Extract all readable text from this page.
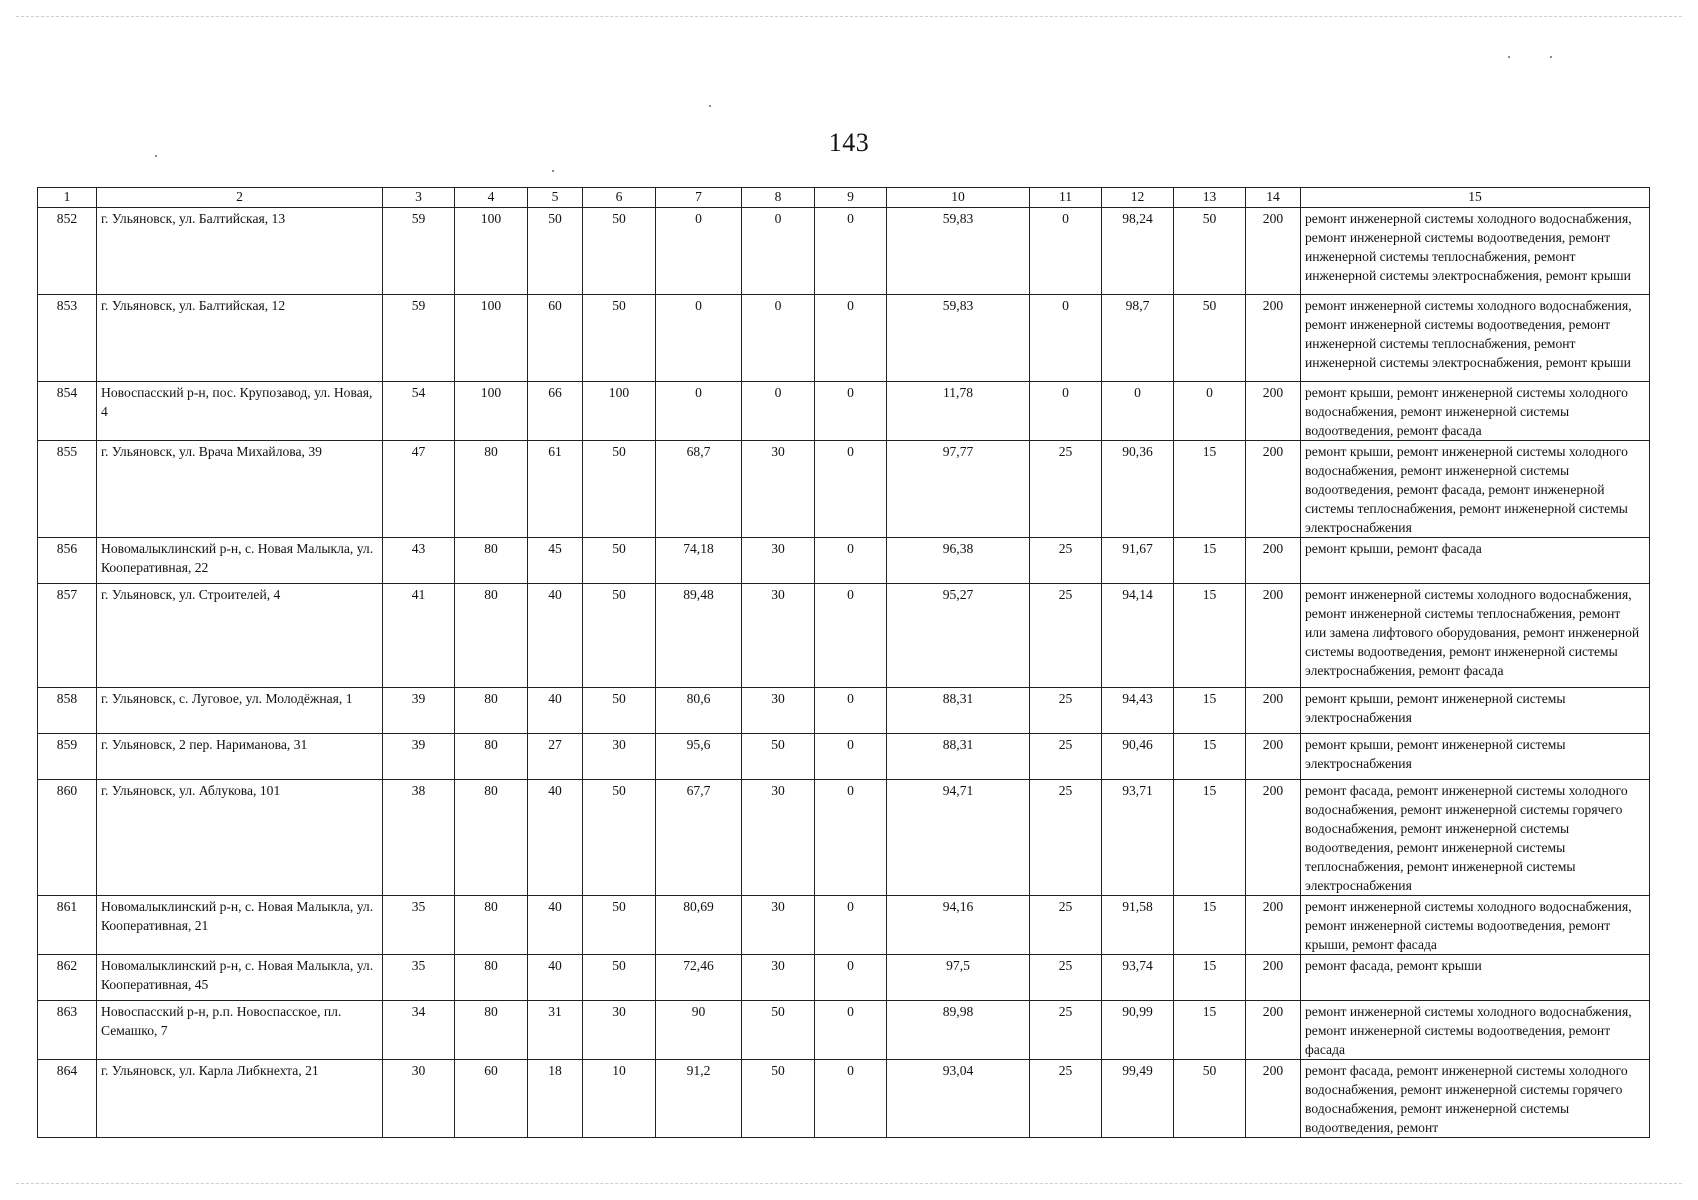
143
1	2	3	4	5	6	7	8	9	10	11	12	13	14	15
852	г. Ульяновск, ул. Балтийская, 13	59	100	50	50	0	0	0	59,83	0	98,24	50	200	ремонт инженерной системы холодного водоснабжения, ремонт инженерной системы водоотведения, ремонт инженерной системы теплоснабжения, ремонт инженерной системы электроснабжения, ремонт крыши
853	г. Ульяновск, ул. Балтийская, 12	59	100	60	50	0	0	0	59,83	0	98,7	50	200	ремонт инженерной системы холодного водоснабжения, ремонт инженерной системы водоотведения, ремонт инженерной системы теплоснабжения, ремонт инженерной системы электроснабжения, ремонт крыши
854	Новоспасский р-н, пос. Крупозавод, ул. Новая, 4	54	100	66	100	0	0	0	11,78	0	0	0	200	ремонт крыши, ремонт инженерной системы холодного водоснабжения, ремонт инженерной системы водоотведения, ремонт фасада
855	г. Ульяновск, ул. Врача Михайлова, 39	47	80	61	50	68,7	30	0	97,77	25	90,36	15	200	ремонт крыши, ремонт инженерной системы холодного водоснабжения, ремонт инженерной системы водоотведения, ремонт фасада, ремонт инженерной системы теплоснабжения, ремонт инженерной системы электроснабжения
856	Новомалыклинский р-н, с. Новая Малыкла, ул. Кооперативная, 22	43	80	45	50	74,18	30	0	96,38	25	91,67	15	200	ремонт крыши, ремонт фасада
857	г. Ульяновск, ул. Строителей, 4	41	80	40	50	89,48	30	0	95,27	25	94,14	15	200	ремонт инженерной системы холодного водоснабжения, ремонт инженерной системы теплоснабжения, ремонт или замена лифтового оборудования, ремонт инженерной системы водоотведения, ремонт инженерной системы электроснабжения, ремонт фасада
858	г. Ульяновск, с. Луговое, ул. Молодёжная, 1	39	80	40	50	80,6	30	0	88,31	25	94,43	15	200	ремонт крыши, ремонт инженерной системы электроснабжения
859	г. Ульяновск, 2 пер. Нариманова, 31	39	80	27	30	95,6	50	0	88,31	25	90,46	15	200	ремонт крыши, ремонт инженерной системы электроснабжения
860	г. Ульяновск, ул. Аблукова, 101	38	80	40	50	67,7	30	0	94,71	25	93,71	15	200	ремонт фасада, ремонт инженерной системы холодного водоснабжения, ремонт инженерной системы горячего водоснабжения, ремонт инженерной системы водоотведения, ремонт инженерной системы теплоснабжения, ремонт инженерной системы электроснабжения
861	Новомалыклинский р-н, с. Новая Малыкла, ул. Кооперативная, 21	35	80	40	50	80,69	30	0	94,16	25	91,58	15	200	ремонт инженерной системы холодного водоснабжения, ремонт инженерной системы водоотведения, ремонт крыши, ремонт фасада
862	Новомалыклинский р-н, с. Новая Малыкла, ул. Кооперативная, 45	35	80	40	50	72,46	30	0	97,5	25	93,74	15	200	ремонт фасада, ремонт крыши
863	Новоспасский р-н, р.п. Новоспасское, пл. Семашко, 7	34	80	31	30	90	50	0	89,98	25	90,99	15	200	ремонт инженерной системы холодного водоснабжения, ремонт инженерной системы водоотведения, ремонт фасада
864	г. Ульяновск, ул. Карла Либкнехта, 21	30	60	18	10	91,2	50	0	93,04	25	99,49	50	200	ремонт фасада, ремонт инженерной системы холодного водоснабжения, ремонт инженерной системы горячего водоснабжения, ремонт инженерной системы водоотведения, ремонт
